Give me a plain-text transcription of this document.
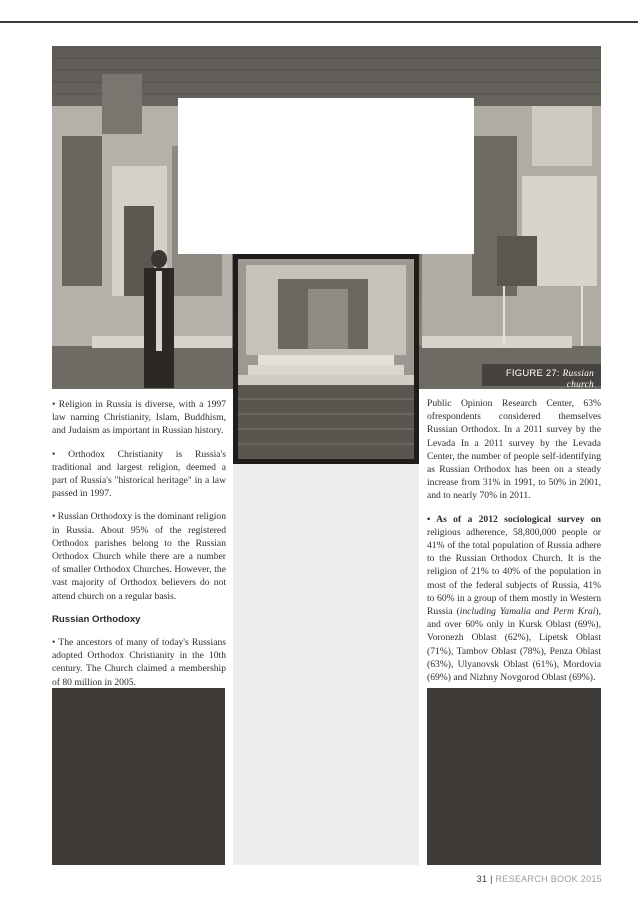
FIGURE 27: Russian church

• Religion in Russia is diverse, with a 1997 law naming Christianity, Islam, Buddhism, and Judaism as important in Russian history.

• Orthodox Christianity is Russia's traditional and largest religion, deemed a part of Russia's "historical heritage" in a law passed in 1997.

• Russian Orthodoxy is the dominant religion in Russia. About 95% of the registered Orthodox parishes belong to the Russian Orthodox Church while there are a number of smaller Orthodox Churches. However, the vast majority of Orthodox believers do not attend church on a regular basis.

Russian Orthodoxy

• The ancestors of many of today's Russians adopted Orthodox Christianity in the 10th century. The Church claimed a membership of 80 million in 2005.

Public Opinion Research Center, 63% ofrespondents considered themselves Russian Orthodox. In a 2011 survey by the Levada In a 2011 survey by the Levada Center, the number of people self-identifying as Russian Orthodox has been on a steady increase from 31% in 1991, to 50% in 2001, and to nearly 70% in 2011.

• As of a 2012 sociological survey on religious adherence, 58,800,000 people or 41% of the total population of Russia adhere to the Russian Orthodox Church. It is the religion of 21% to 40% of the population in most of the federal subjects of Russia, 41% to 60% in a group of them mostly in Western Russia (including Yamalia and Perm Krai), and over 60% only in Kursk Oblast (69%), Voronezh Oblast (62%), Lipetsk Oblast (71%), Tambov Oblast (78%), Penza Oblast (63%), Ulyanovsk Oblast (61%), Mordovia (69%) and Nizhny Novgorod Oblast (69%).

31 | RESEARCH BOOK 2015
